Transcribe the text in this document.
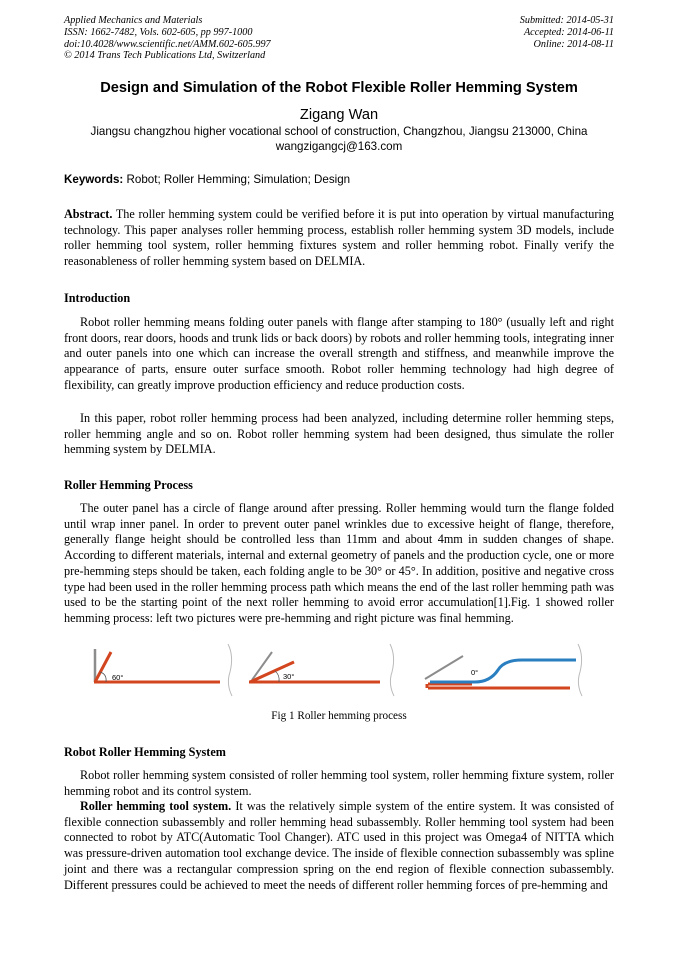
Applied Mechanics and Materials
ISSN: 1662-7482, Vols. 602-605, pp 997-1000
doi:10.4028/www.scientific.net/AMM.602-605.997
© 2014 Trans Tech Publications Ltd, Switzerland
Submitted: 2014-05-31
Accepted: 2014-06-11
Online: 2014-08-11
Design and Simulation of the Robot Flexible Roller Hemming System
Zigang Wan
Jiangsu changzhou higher vocational school of construction, Changzhou, Jiangsu 213000, China
wangzigangcj@163.com
Keywords: Robot; Roller Hemming; Simulation; Design
Abstract. The roller hemming system could be verified before it is put into operation by virtual manufacturing technology. This paper analyses roller hemming process, establish roller hemming system 3D models, include roller hemming tool system, roller hemming fixtures system and roller hemming robot. Finally verify the reasonableness of roller hemming system based on DELMIA.
Introduction
Robot roller hemming means folding outer panels with flange after stamping to 180° (usually left and right front doors, rear doors, hoods and trunk lids or back doors) by robots and roller hemming tools, integrating inner and outer panels into one which can increase the overall strength and stiffness, and meanwhile improve the appearance of parts, ensure outer surface smooth. Robot roller hemming technology had high degree of flexibility, can greatly improve production efficiency and reduce production costs.
In this paper, robot roller hemming process had been analyzed, including determine roller hemming steps, roller hemming angle and so on. Robot roller hemming system had been designed, thus simulate the roller hemming system by DELMIA.
Roller Hemming Process
The outer panel has a circle of flange around after pressing. Roller hemming would turn the flange folded until wrap inner panel. In order to prevent outer panel wrinkles due to excessive height of flange, therefore, generally flange height should be controlled less than 11mm and about 4mm in sudden changes of shape. According to different materials, internal and external geometry of panels and the production cycle, one or more pre-hemming steps should be taken, each folding angle to be 30° or 45°. In addition, positive and negative cross type had been used in the roller hemming process path which means the end of the last roller hemming path was used to be the starting point of the next roller hemming to avoid error accumulation[1].Fig. 1 showed roller hemming process: left two pictures were pre-hemming and right picture was final hemming.
60°	30°	0°
Fig 1 Roller hemming process
Robot Roller Hemming System
Robot roller hemming system consisted of roller hemming tool system, roller hemming fixture system, roller hemming robot and its control system.
Roller hemming tool system. It was the relatively simple system of the entire system. It was consisted of flexible connection subassembly and roller hemming head subassembly. Roller hemming tool system had been connected to robot by ATC(Automatic Tool Changer). ATC used in this project was Omega4 of NITTA which was pressure-driven automation tool exchange device. The inside of flexible connection subassembly was spline joint and there was a rectangular compression spring on the end region of flexible connection subassembly. Different pressures could be achieved to meet the needs of different roller hemming forces of pre-hemming and
